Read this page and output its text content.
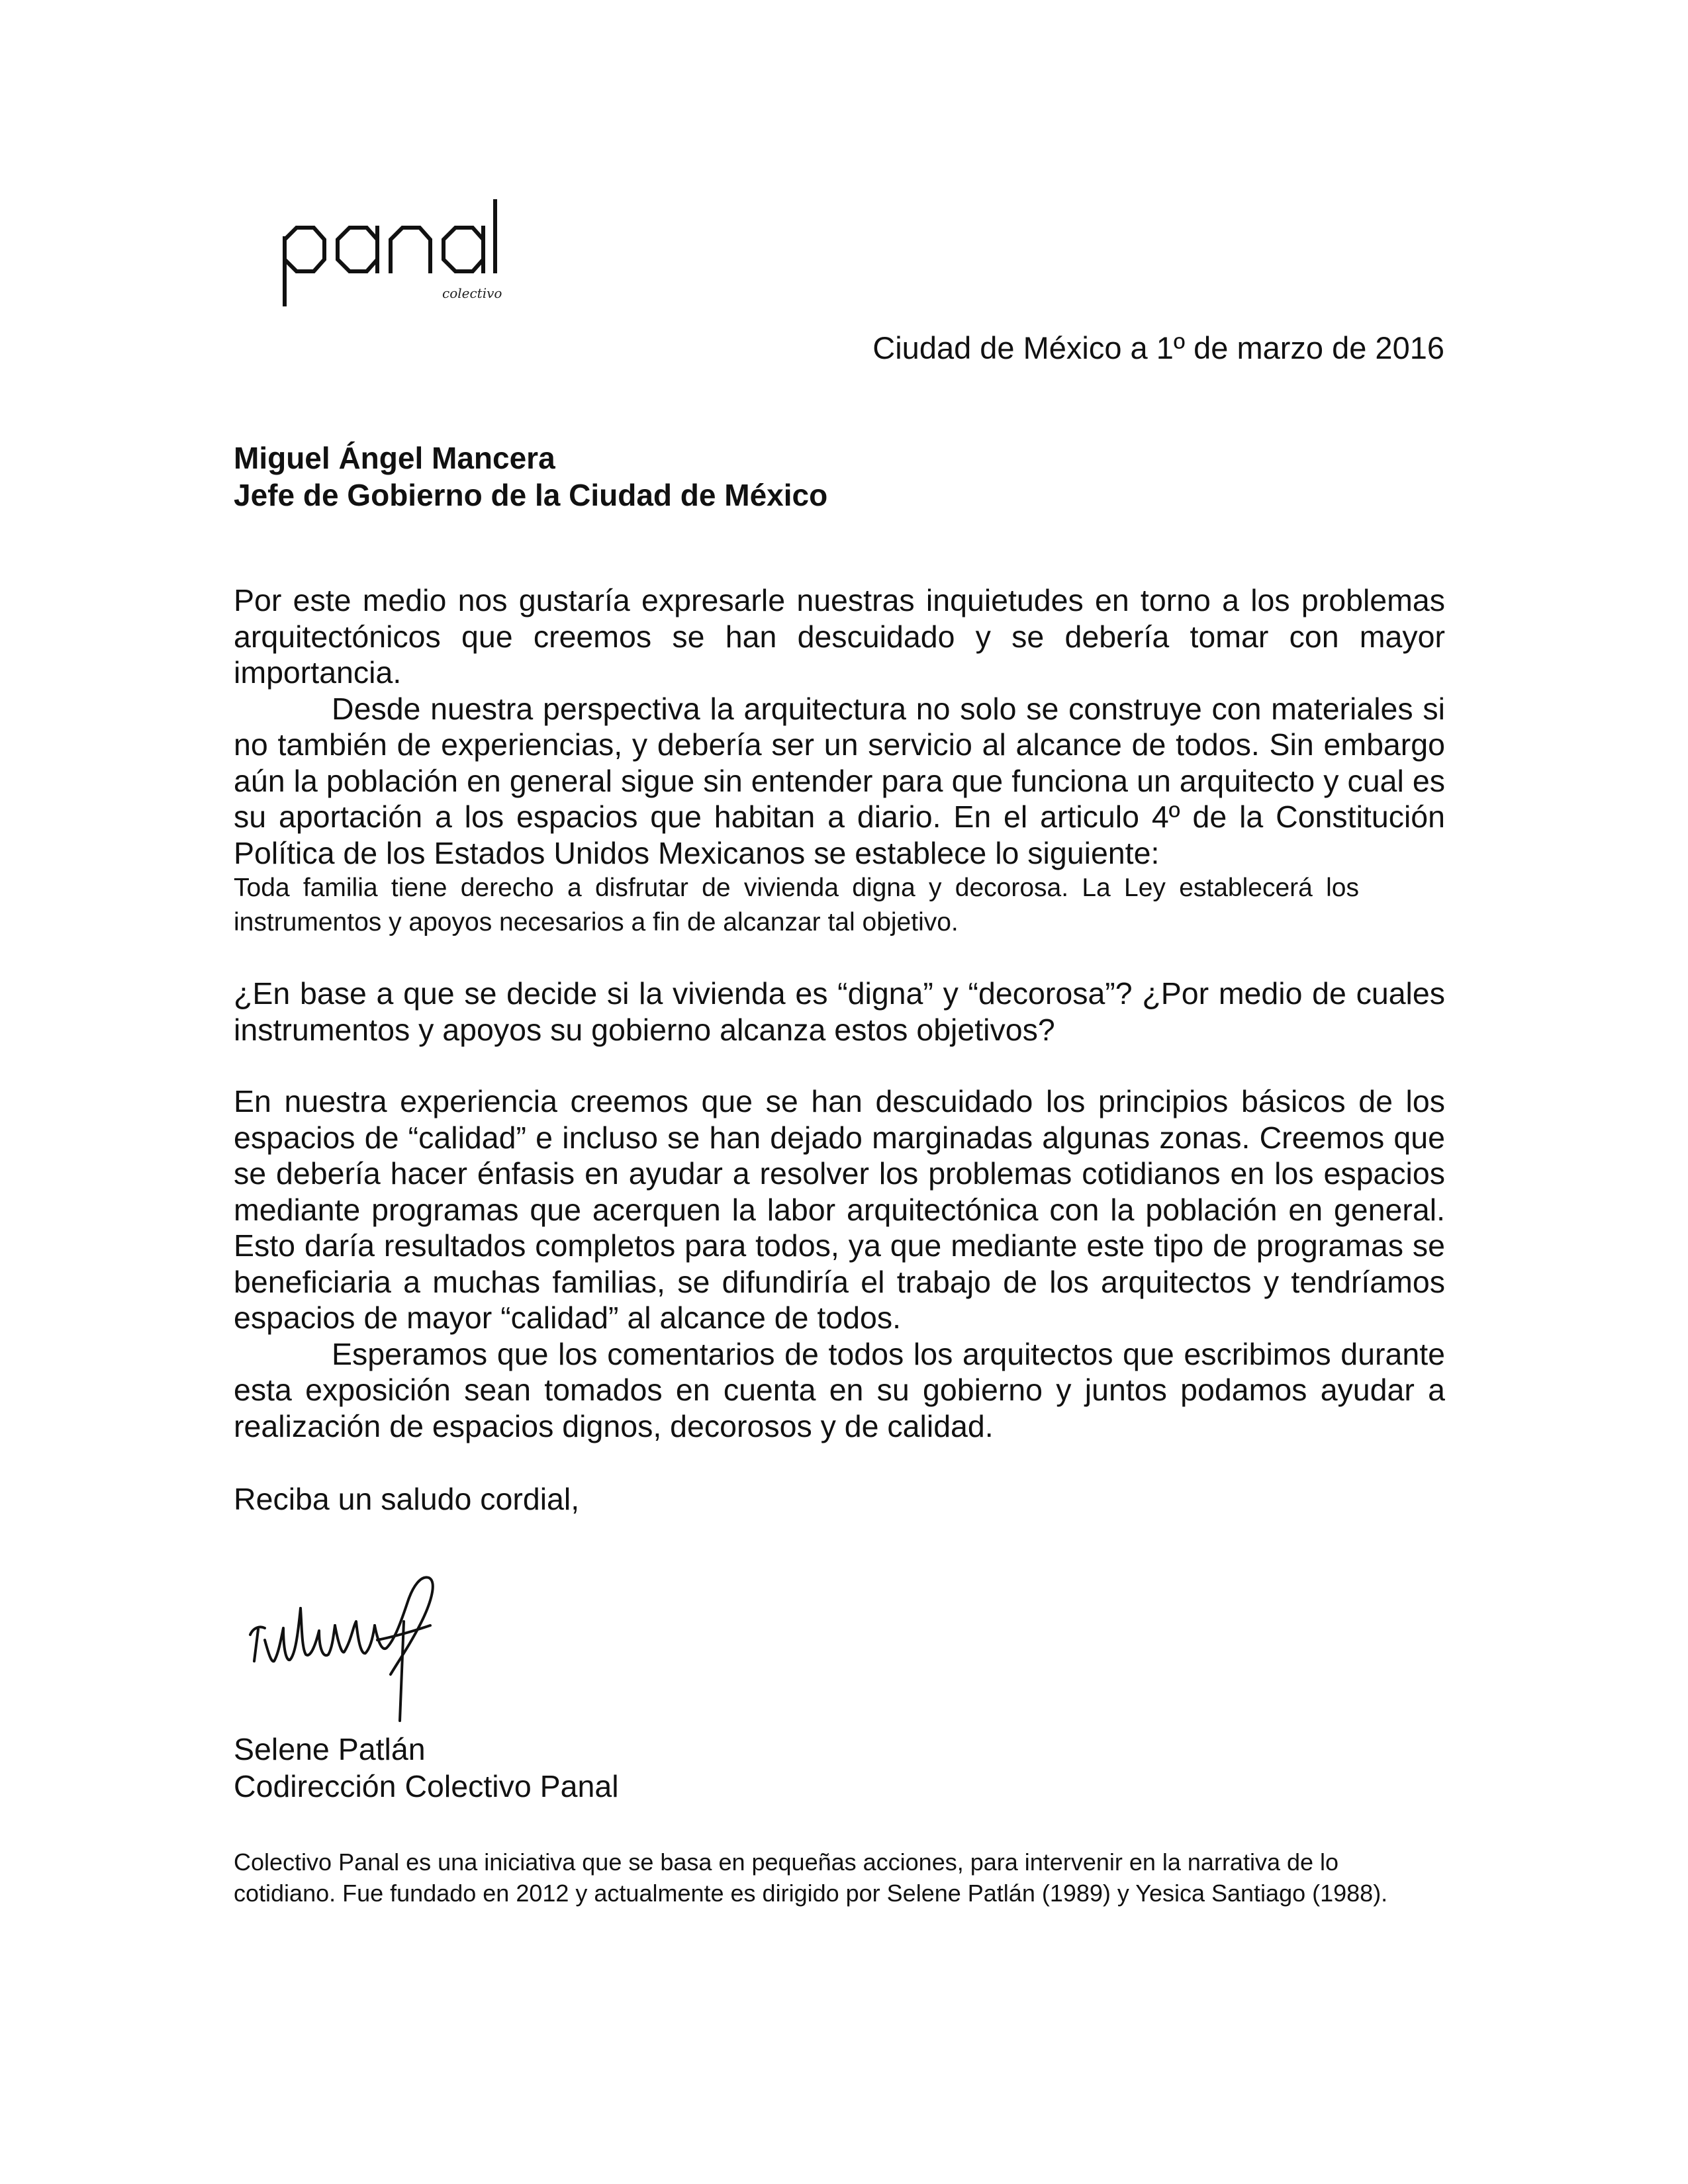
colectivo
Ciudad de México a 1º de marzo de 2016
Miguel Ángel Mancera
Jefe de Gobierno de la Ciudad de México

Por este medio nos gustaría expresarle nuestras inquietudes en torno a los problemas arquitectónicos que creemos se han descuidado y se debería tomar con mayor importancia.

Desde nuestra perspectiva la arquitectura no solo se construye con materiales si no también de experiencias, y debería ser un servicio al alcance de todos. Sin embargo aún la población en general sigue sin entender para que funciona un arquitecto y cual es su aportación a los espacios que habitan a diario. En el articulo 4º de la Constitución Política de los Estados Unidos Mexicanos se establece lo siguiente:

Toda familia tiene derecho a disfrutar de vivienda digna y decorosa. La Ley establecerá los instrumentos y apoyos necesarios a fin de alcanzar tal objetivo.

¿En base a que se decide si la vivienda es “digna” y “decorosa”? ¿Por medio de cuales instrumentos y apoyos su gobierno alcanza estos objetivos?

En nuestra experiencia creemos que se han descuidado los principios básicos de los espacios de “calidad” e incluso se han dejado marginadas algunas zonas. Creemos que se debería hacer énfasis en ayudar a resolver los problemas cotidianos en los espacios mediante programas que acerquen la labor arquitectónica con la población en general. Esto daría resultados completos para todos, ya que mediante este tipo de programas se beneficiaria a muchas familias, se difundiría el trabajo de los arquitectos y tendríamos espacios de mayor “calidad” al alcance de todos.

Esperamos que los comentarios de todos los arquitectos que escribimos durante esta exposición sean tomados en cuenta en su gobierno y juntos podamos ayudar a realización de espacios dignos, decorosos y de calidad.

Reciba un saludo cordial,
Selene Patlán
Codirección Colectivo Panal
Colectivo Panal es una iniciativa que se basa en pequeñas acciones, para intervenir en la narrativa de lo cotidiano. Fue fundado en 2012 y actualmente es dirigido por Selene Patlán (1989) y Yesica Santiago (1988).
